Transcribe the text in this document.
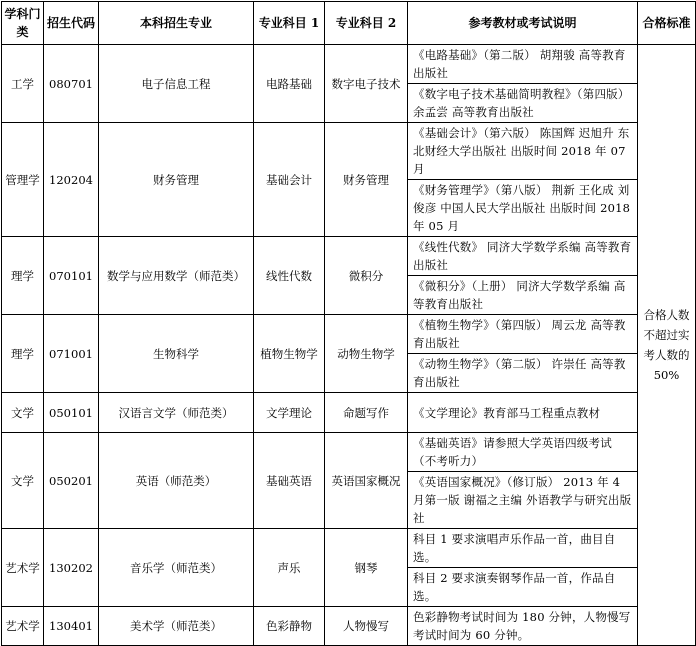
学科门类	招生代码	本科招生专业	专业科目 1	专业科目 2	参考教材或考试说明	合格标准
工学	080701	电子信息工程	电路基础	数字电子技术	《电路基础》（第二版） 胡翔骏 高等教育出版社	合格人数不超过实考人数的50%
					《数字电子技术基础简明教程》（第四版） 余孟尝 高等教育出版社	
管理学	120204	财务管理	基础会计	财务管理	《基础会计》（第六版） 陈国辉 迟旭升 东北财经大学出版社 出版时间 2018 年 07 月	
					《财务管理学》（第八版） 荆新 王化成 刘俊彦 中国人民大学出版社 出版时间 2018 年 05 月	
理学	070101	数学与应用数学（师范类）	线性代数	微积分	《线性代数》 同济大学数学系编 高等教育出版社	
					《微积分》（上册） 同济大学数学系编 高等教育出版社	
理学	071001	生物科学	植物生物学	动物生物学	《植物生物学》（第四版） 周云龙 高等教育出版社	
					《动物生物学》（第二版） 许崇任 高等教育出版社	
文学	050101	汉语言文学（师范类）	文学理论	命题写作	《文学理论》教育部马工程重点教材	
文学	050201	英语（师范类）	基础英语	英语国家概况	《基础英语》请参照大学英语四级考试（不考听力）	
					《英语国家概况》（修订版） 2013 年 4 月第一版 谢福之主编 外语教学与研究出版社	
艺术学	130202	音乐学（师范类）	声乐	钢琴	科目 1 要求演唱声乐作品一首，曲目自选。	
					科目 2 要求演奏钢琴作品一首，作品自选。	
艺术学	130401	美术学（师范类）	色彩静物	人物慢写	色彩静物考试时间为 180 分钟，人物慢写考试时间为 60 分钟。	
